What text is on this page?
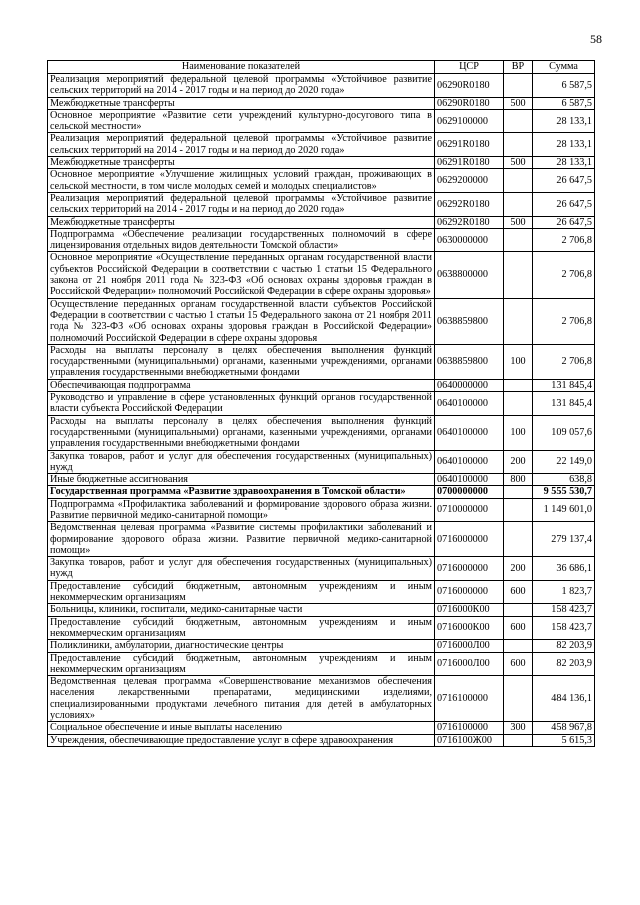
58
Наименование показателей	ЦСР	ВР	Сумма
Реализация мероприятий федеральной целевой программы «Устойчивое развитие сельских территорий на 2014 - 2017 годы и на период до 2020 года»	06290R0180		6 587,5
Межбюджетные трансферты	06290R0180	500	6 587,5
Основное мероприятие «Развитие сети учреждений культурно-досугового типа в сельской местности»	0629100000		28 133,1
Реализация мероприятий федеральной целевой программы «Устойчивое развитие сельских территорий на 2014 - 2017 годы и на период до 2020 года»	06291R0180		28 133,1
Межбюджетные трансферты	06291R0180	500	28 133,1
Основное мероприятие «Улучшение жилищных условий граждан, проживающих в сельской местности, в том числе молодых семей и молодых специалистов»	0629200000		26 647,5
Реализация мероприятий федеральной целевой программы «Устойчивое развитие сельских территорий на 2014 - 2017 годы и на период до 2020 года»	06292R0180		26 647,5
Межбюджетные трансферты	06292R0180	500	26 647,5
Подпрограмма «Обеспечение реализации государственных полномочий в сфере лицензирования отдельных видов деятельности Томской области»	0630000000		2 706,8
Основное мероприятие «Осуществление переданных органам государственной власти субъектов Российской Федерации в соответствии с частью 1 статьи 15 Федерального закона от 21 ноября 2011 года № 323-ФЗ «Об основах охраны здоровья граждан в Российской Федерации» полномочий Российской Федерации в сфере охраны здоровья»	0638800000		2 706,8
Осуществление переданных органам государственной власти субъектов Российской Федерации в соответствии с частью 1 статьи 15 Федерального закона от 21 ноября 2011 года № 323-ФЗ «Об основах охраны здоровья граждан в Российской Федерации» полномочий Российской Федерации в сфере охраны здоровья	0638859800		2 706,8
Расходы на выплаты персоналу в целях обеспечения выполнения функций государственными (муниципальными) органами, казенными учреждениями, органами управления государственными внебюджетными фондами	0638859800	100	2 706,8
Обеспечивающая подпрограмма	0640000000		131 845,4
Руководство и управление в сфере установленных функций органов государственной власти субъекта Российской Федерации	0640100000		131 845,4
Расходы на выплаты персоналу в целях обеспечения выполнения функций государственными (муниципальными) органами, казенными учреждениями, органами управления государственными внебюджетными фондами	0640100000	100	109 057,6
Закупка товаров, работ и услуг для обеспечения государственных (муниципальных) нужд	0640100000	200	22 149,0
Иные бюджетные ассигнования	0640100000	800	638,8
Государственная программа «Развитие здравоохранения в Томской области»	0700000000		9 555 530,7
Подпрограмма «Профилактика заболеваний и формирование здорового образа жизни. Развитие первичной медико-санитарной помощи»	0710000000		1 149 601,0
Ведомственная целевая программа «Развитие системы профилактики заболеваний и формирование здорового образа жизни. Развитие первичной медико-санитарной помощи»	0716000000		279 137,4
Закупка товаров, работ и услуг для обеспечения государственных (муниципальных) нужд	0716000000	200	36 686,1
Предоставление субсидий бюджетным, автономным учреждениям и иным некоммерческим организациям	0716000000	600	1 823,7
Больницы, клиники, госпитали, медико-санитарные части	0716000К00		158 423,7
Предоставление субсидий бюджетным, автономным учреждениям и иным некоммерческим организациям	0716000К00	600	158 423,7
Поликлиники, амбулатории, диагностические центры	0716000Л00		82 203,9
Предоставление субсидий бюджетным, автономным учреждениям и иным некоммерческим организациям	0716000Л00	600	82 203,9
Ведомственная целевая программа «Совершенствование механизмов обеспечения населения лекарственными препаратами, медицинскими изделиями, специализированными продуктами лечебного питания для детей в амбулаторных условиях»	0716100000		484 136,1
Социальное обеспечение и иные выплаты населению	0716100000	300	458 967,8
Учреждения, обеспечивающие предоставление услуг в сфере здравоохранения	0716100Ж00		5 615,3
